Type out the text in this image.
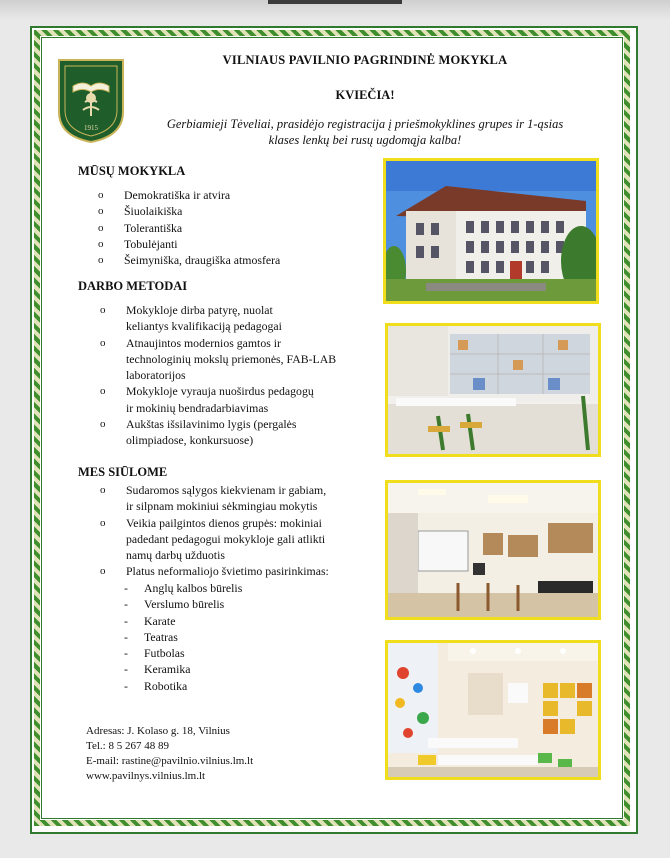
1915
VILNIAUS PAVILNIO PAGRINDINĖ MOKYKLA
KVIEČIA!
Gerbiamieji Tėveliai, prasidėjo registracija į priešmokyklines grupes ir 1-ąsias
klases lenkų bei rusų ugdomąja kalba!
MŪSŲ MOKYKLA
o Demokratiška ir atvira
o Šiuolaikiška
o Tolerantiška
o Tobulėjanti
o Šeimyniška, draugiška atmosfera
DARBO METODAI
o Mokykloje dirba patyrę, nuolat
keliantys kvalifikaciją pedagogai
o Atnaujintos modernios gamtos ir
technologinių mokslų priemonės, FAB-LAB
laboratorijos
o Mokykloje vyrauja nuoširdus pedagogų
ir mokinių bendradarbiavimas
o Aukštas išsilavinimo lygis (pergalės
olimpiadose, konkursuose)
MES SIŪLOME
o Sudaromos sąlygos kiekvienam ir gabiam,
ir silpnam mokiniui sėkmingiau mokytis
o Veikia pailgintos dienos grupės: mokiniai
padedant pedagogui mokykloje gali atlikti
namų darbų užduotis
o Platus neformaliojo švietimo pasirinkimas:
- Anglų kalbos būrelis
- Verslumo būrelis
- Karate
- Teatras
- Futbolas
- Keramika
- Robotika
Adresas: J. Kolaso g. 18, Vilnius
Tel.: 8 5 267 48 89
E-mail: rastine@pavilnio.vilnius.lm.lt
www.pavilnys.vilnius.lm.lt
